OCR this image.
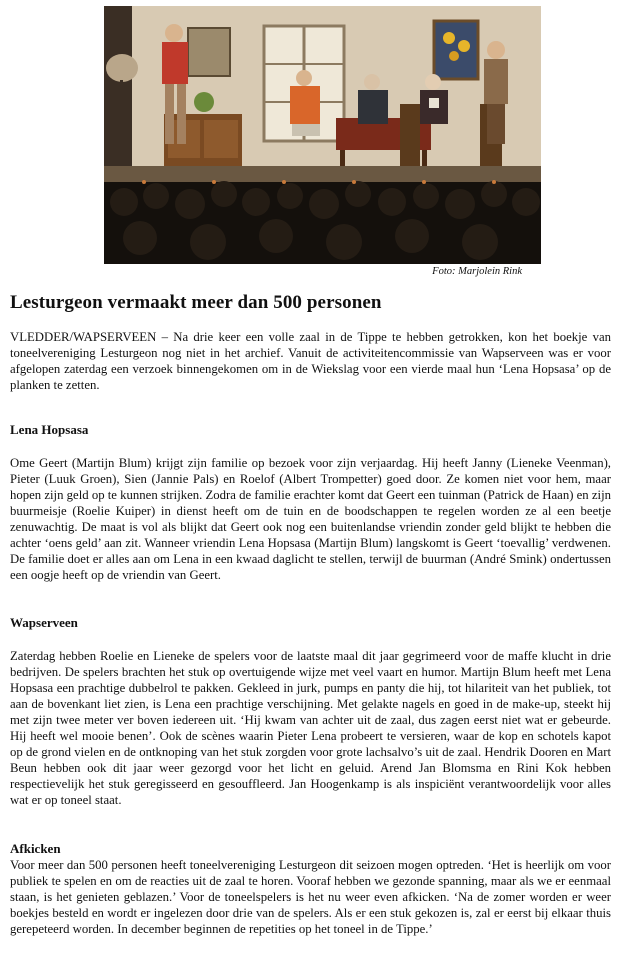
Foto: Marjolein Rink
Lesturgeon vermaakt meer dan 500 personen

VLEDDER/WAPSERVEEN – Na drie keer een volle zaal in de Tippe te hebben getrokken, kon het boekje van toneelvereniging Lesturgeon nog niet in het archief. Vanuit de activiteitencommissie van Wapserveen was er voor afgelopen zaterdag een verzoek binnengekomen om in de Wiekslag voor een vierde maal hun ‘Lena Hopsasa’ op de planken te zetten.

Lena Hopsasa

Ome Geert (Martijn Blum) krijgt zijn familie op bezoek voor zijn verjaardag. Hij heeft Janny (Lieneke Veenman), Pieter (Luuk Groen), Sien (Jannie Pals) en Roelof (Albert Trompetter) goed door. Ze komen niet voor hem, maar hopen zijn geld op te kunnen strijken. Zodra de familie erachter komt dat Geert een tuinman (Patrick de Haan) en zijn buurmeisje (Roelie Kuiper) in dienst heeft om de tuin en de boodschappen te regelen worden ze al een beetje zenuwachtig. De maat is vol als blijkt dat Geert ook nog een buitenlandse vriendin zonder geld blijkt te hebben die achter ‘oens geld’ aan zit. Wanneer vriendin Lena Hopsasa (Martijn Blum) langskomt is Geert ‘toevallig’ verdwenen. De familie doet er alles aan om Lena in een kwaad daglicht te stellen, terwijl de buurman (André Smink) ondertussen een oogje heeft op de vriendin van Geert.

Wapserveen

Zaterdag hebben Roelie en Lieneke de spelers voor de laatste maal dit jaar gegrimeerd voor de maffe klucht in drie bedrijven. De spelers brachten het stuk op overtuigende wijze met veel vaart en humor. Martijn Blum heeft met Lena Hopsasa een prachtige dubbelrol te pakken. Gekleed in jurk, pumps en panty die hij, tot hilariteit van het publiek, tot aan de bovenkant liet zien, is Lena een prachtige verschijning. Met gelakte nagels en goed in de make-up, steekt hij met zijn twee meter ver boven iedereen uit. ‘Hij kwam van achter uit de zaal, dus zagen eerst niet wat er gebeurde. Hij heeft wel mooie benen’. Ook de scènes waarin Pieter Lena probeert te versieren, waar de kop en schotels kapot op de grond vielen en de ontknoping van het stuk zorgden voor grote lachsalvo’s uit de zaal. Hendrik Dooren en Mart Beun hebben ook dit jaar weer gezorgd voor het licht en geluid. Arend Jan Blomsma en Rini Kok hebben respectievelijk het stuk geregisseerd en gesouffleerd. Jan Hoogenkamp is als inspiciënt verantwoordelijk voor alles wat er op toneel staat.

Afkicken

Voor meer dan 500 personen heeft toneelvereniging Lesturgeon dit seizoen mogen optreden. ‘Het is heerlijk om voor publiek te spelen en om de reacties uit de zaal te horen. Vooraf hebben we gezonde spanning, maar als we er eenmaal staan, is het genieten geblazen.’ Voor de toneelspelers is het nu weer even afkicken. ‘Na de zomer worden er weer boekjes besteld en wordt er ingelezen door drie van de spelers. Als er een stuk gekozen is, zal er eerst bij elkaar thuis gerepeteerd worden. In december beginnen de repetities op het toneel in de Tippe.’
